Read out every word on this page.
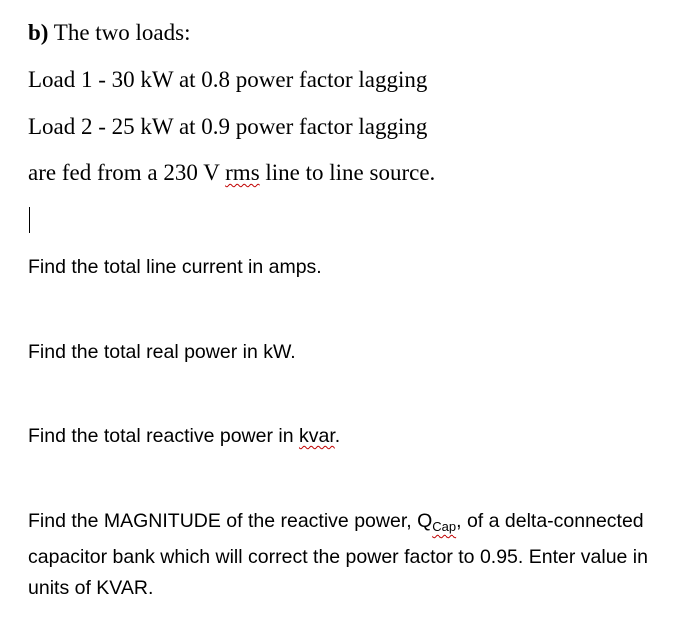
b) The two loads:
Load 1 - 30 kW at 0.8 power factor lagging
Load 2 - 25 kW at 0.9 power factor lagging
are fed from a 230 V rms line to line source.
Find the total line current in amps.
Find the total real power in kW.
Find the total reactive power in kvar.
Find the MAGNITUDE of the reactive power, $Q_{Cap}$, of a delta-connected capacitor bank which will correct the power factor to 0.95. Enter value in units of KVAR.
